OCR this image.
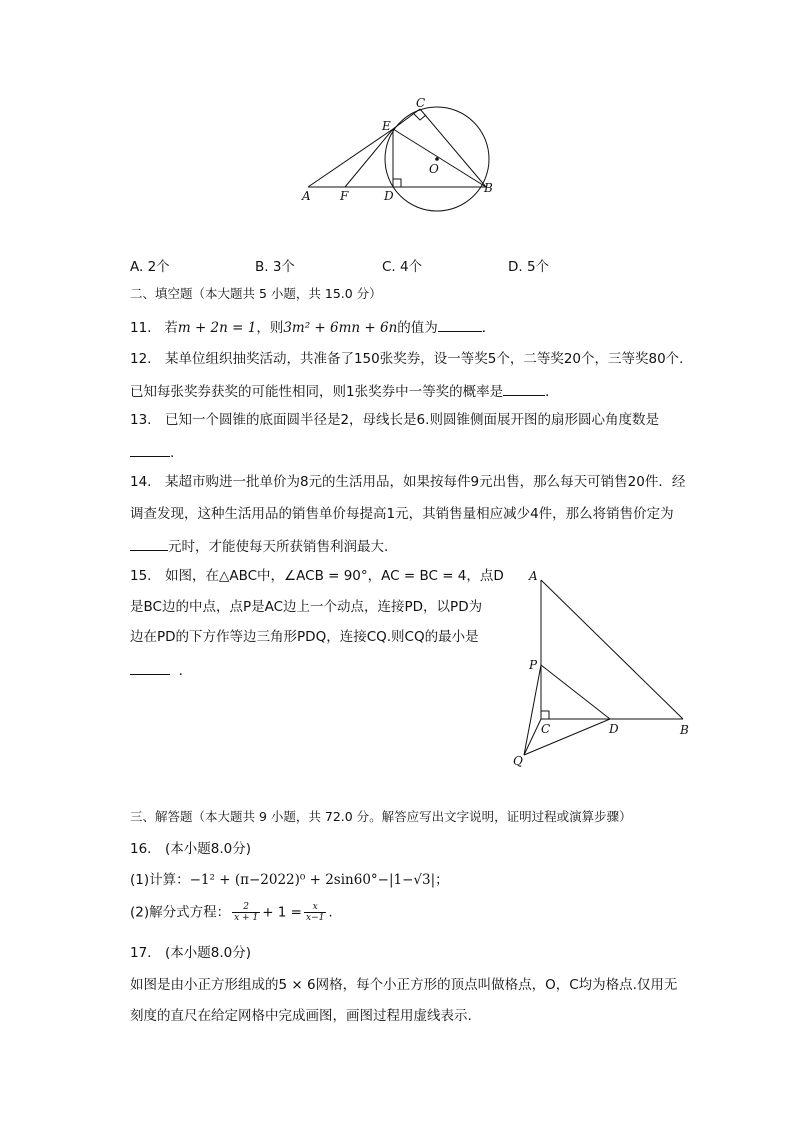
A F	D
B
E
C
O
A. 2个	B. 3个	C. 4个	D. 5个
二、填空题（本大题共 5 小题，共 15.0 分）
11. 若m + 2n = 1，则3m² + 6mn + 6n的值为	．
12.　某单位组织抽奖活动，共准备了150张奖券，设一等奖5个，二等奖20个，三等奖80个.
已知每张奖券获奖的可能性相同，则1张奖券中一等奖的概率是	．
13.　已知一个圆锥的底面圆半径是2，母线长是6.则圆锥侧面展开图的扇形圆心角度数是
.
14.　某超市购进一批单价为8元的生活用品，如果按每件9元出售，那么每天可销售20件．经
调查发现，这种生活用品的销售单价每提高1元，其销售量相应减少4件，那么将销售价定为
元时，才能使每天所获销售利润最大.
15.　如图，在△ABC中，∠ACB = 90°，AC = BC = 4，点D
是BC边的中点，点P是AC边上一个动点，连接PD，以PD为
边在PD的下方作等边三角形PDQ，连接CQ.则CQ的最小是
．
A
P
C	D	B
Q
三、解答题（本大题共 9 小题，共 72.0 分。解答应写出文字说明，证明过程或演算步骤）
16.　(本小题8.0分)
(1)计算：−1² + (π−2022)⁰ + 2sin60°−|1−√3|；
(2)解分式方程： $\frac{2}{x + 1} + 1 = \frac{x}{x-1}$ .
17.　(本小题8.0分)
如图是由小正方形组成的5 × 6网格，每个小正方形的顶点叫做格点，O，C均为格点.仅用无
刻度的直尺在给定网格中完成画图，画图过程用虚线表示.
